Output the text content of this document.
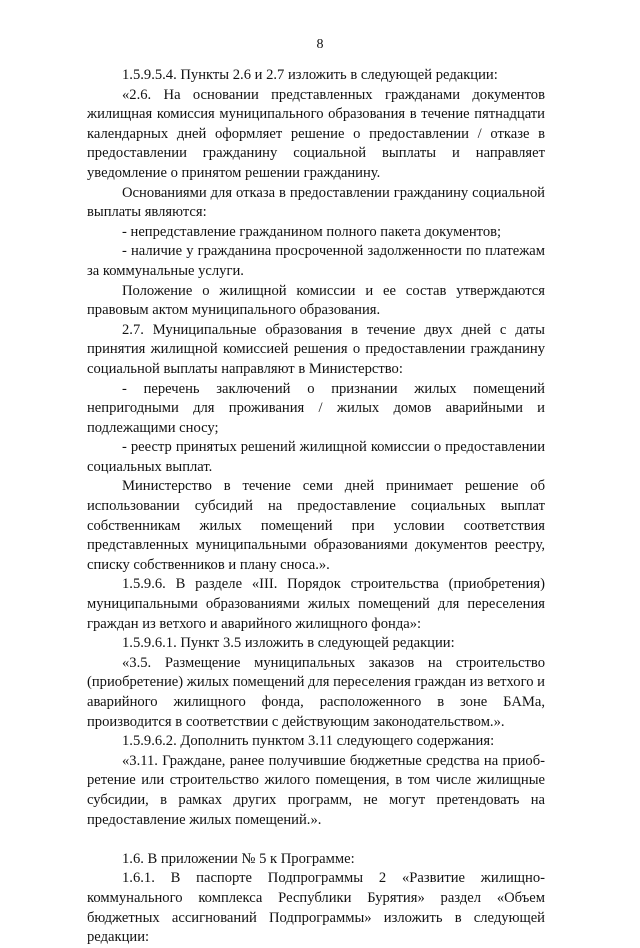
8

1.5.9.5.4. Пункты 2.6 и 2.7 изложить в следующей редакции:

«2.6. На основании представленных гражданами документов жилищная комиссия муниципального образования в течение пятнадцати календарных дней оформляет решение о предоставлении / отказе в предоставлении гражданину социальной выплаты и направляет уведомление о принятом решении гражданину.

Основаниями для отказа в предоставлении гражданину социальной выплаты являются:

- непредставление гражданином полного пакета документов;

- наличие у гражданина просроченной задолженности по платежам за коммунальные услуги.

Положение о жилищной комиссии и ее состав утверждаются правовым актом муниципального образования.

2.7. Муниципальные образования в течение двух дней с даты принятия жилищной комиссией решения о предоставлении гражданину социальной выплаты направляют в Министерство:

- перечень заключений о признании жилых помещений непригодными для проживания / жилых домов аварийными и подлежащими сносу;

- реестр принятых решений жилищной комиссии о предоставлении социальных выплат.

Министерство в течение семи дней принимает решение об использовании субсидий на предоставление социальных выплат собственникам жилых помещений при условии соответствия представленных муниципальными образованиями документов реестру, списку собственников и плану сноса.».

1.5.9.6. В разделе «III. Порядок строительства (приобретения) муниципальными образованиями жилых помещений для переселения граждан из ветхого и аварийного жилищного фонда»:

1.5.9.6.1. Пункт 3.5 изложить в следующей редакции:

«3.5. Размещение муниципальных заказов на строительство (приобретение) жилых помещений для переселения граждан из ветхого и аварийного жилищного фонда, расположенного в зоне БАМа, производится в соответствии с действующим законодательством.».

1.5.9.6.2. Дополнить пунктом 3.11 следующего содержания:

«3.11. Граждане, ранее получившие бюджетные средства на приобретение или строительство жилого помещения, в том числе жилищные субсидии, в рамках других программ, не могут претендовать на предоставление жилых помещений.».

1.6. В приложении № 5 к Программе:

1.6.1. В паспорте Подпрограммы 2 «Развитие жилищно-коммунального комплекса Республики Бурятия» раздел «Объем бюджетных ассигнований Подпрограммы» изложить в следующей редакции:
